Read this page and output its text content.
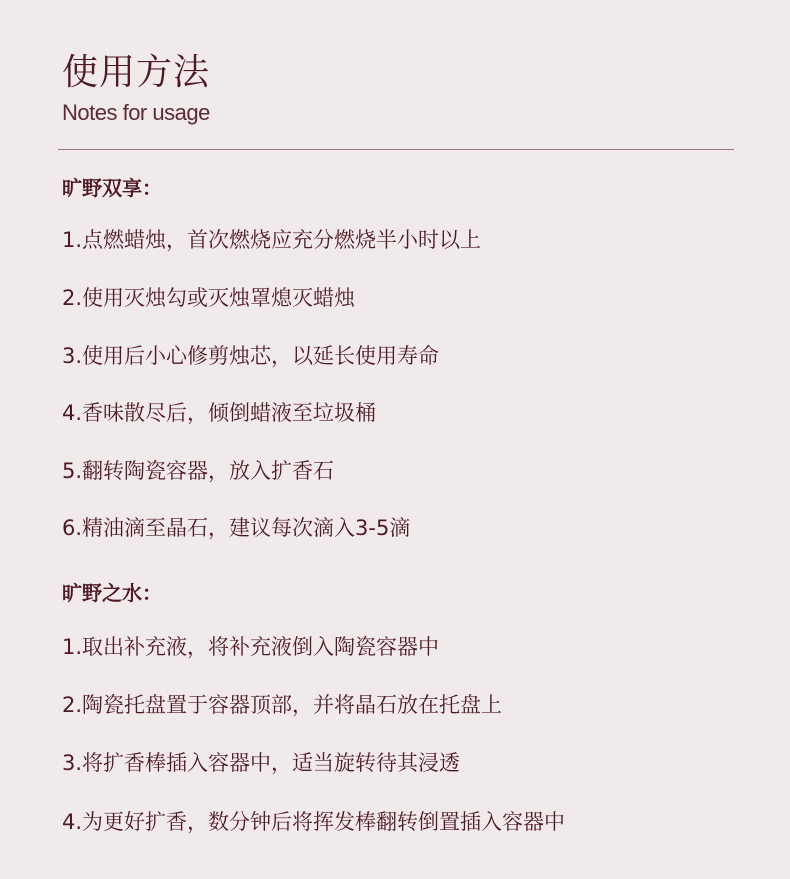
使用方法
Notes for usage
旷野双享：
1.点燃蜡烛，首次燃烧应充分燃烧半小时以上
2.使用灭烛勾或灭烛罩熄灭蜡烛
3.使用后小心修剪烛芯，以延长使用寿命
4.香味散尽后，倾倒蜡液至垃圾桶
5.翻转陶瓷容器，放入扩香石
6.精油滴至晶石，建议每次滴入3-5滴
旷野之水：
1.取出补充液，将补充液倒入陶瓷容器中
2.陶瓷托盘置于容器顶部，并将晶石放在托盘上
3.将扩香棒插入容器中，适当旋转待其浸透
4.为更好扩香，数分钟后将挥发棒翻转倒置插入容器中
